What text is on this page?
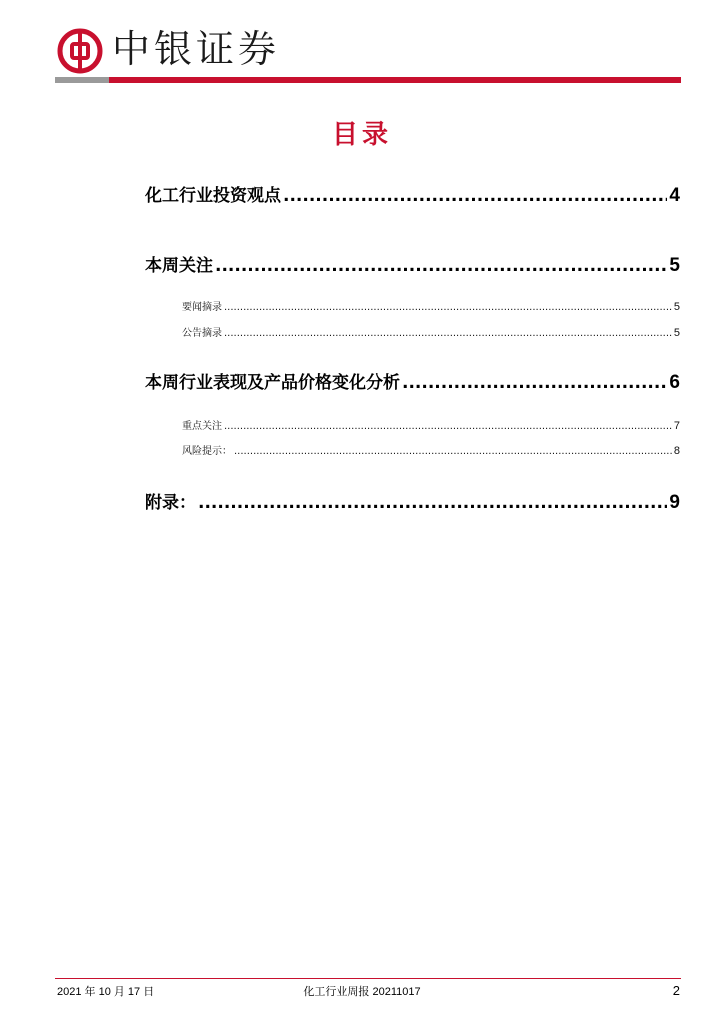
中银证券
目录
化工行业投资观点 .....	4
本周关注 .....	5
要闻摘录 .....	5
公告摘录 .....	5
本周行业表现及产品价格变化分析 .....	6
重点关注 .....	7
风险提示： .....	8
附录： .....	9
2021 年 10 月 17 日	化工行业周报 20211017	2
